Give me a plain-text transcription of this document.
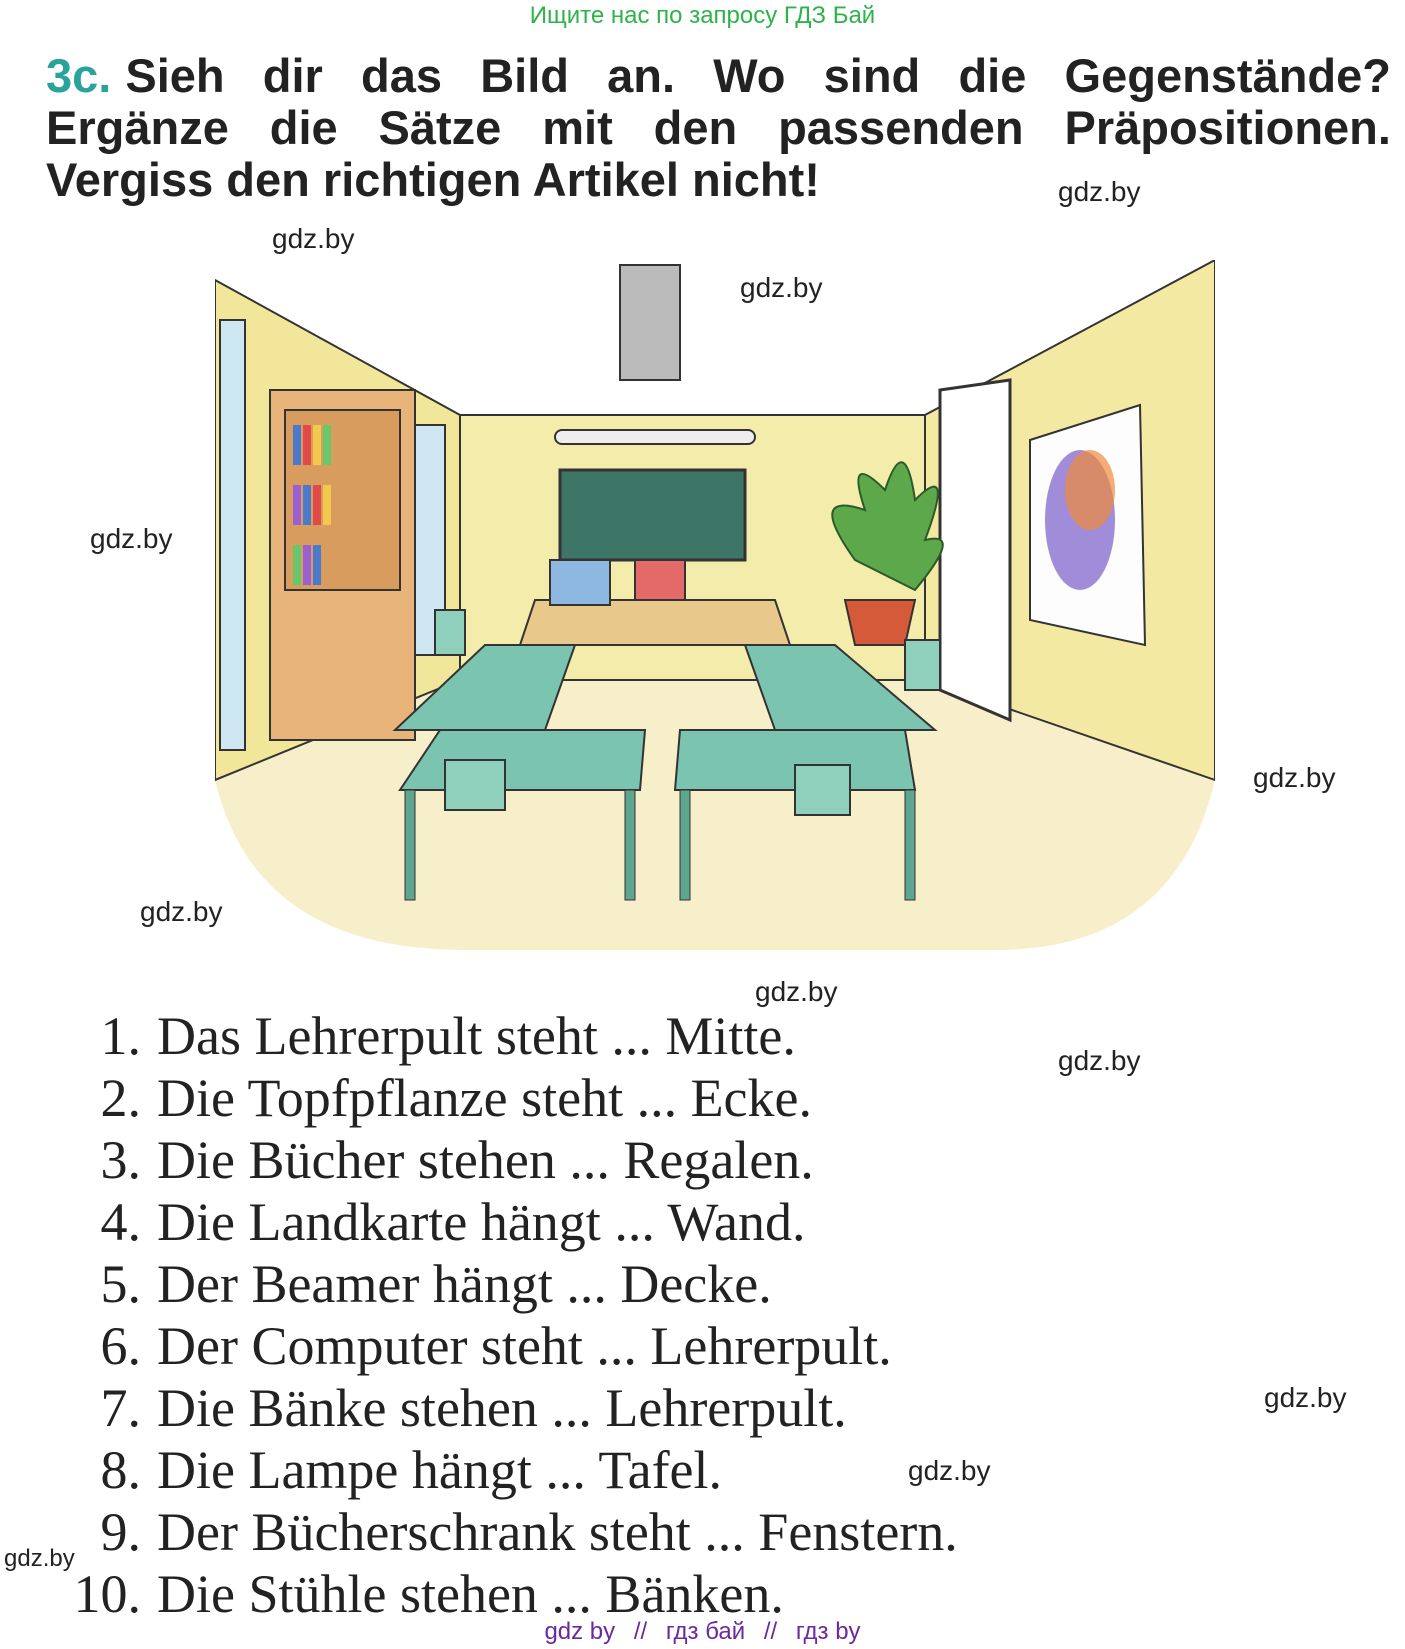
Ищите нас по запросу ГДЗ Бай
3c. Sieh dir das Bild an. Wo sind die Gegenstände?
Ergänze die Sätze mit den passenden Präpositionen.
Vergiss den richtigen Artikel nicht!	gdz.by
gdz.by
gdz.by
gdz.by
gdz.by
gdz.by
gdz.by
gdz.by
gdz.by
gdz.by
gdz.by
1. Das Lehrerpult steht ... Mitte.
2. Die Topfpflanze steht ... Ecke.
3. Die Bücher stehen ... Regalen.
4. Die Landkarte hängt ... Wand.
5. Der Beamer hängt ... Decke.
6. Der Computer steht ... Lehrerpult.
7. Die Bänke stehen ... Lehrerpult.
8. Die Lampe hängt ... Tafel.
9. Der Bücherschrank steht ... Fenstern.
10. Die Stühle stehen ... Bänken.
gdz by // гдз бай // гдз by
